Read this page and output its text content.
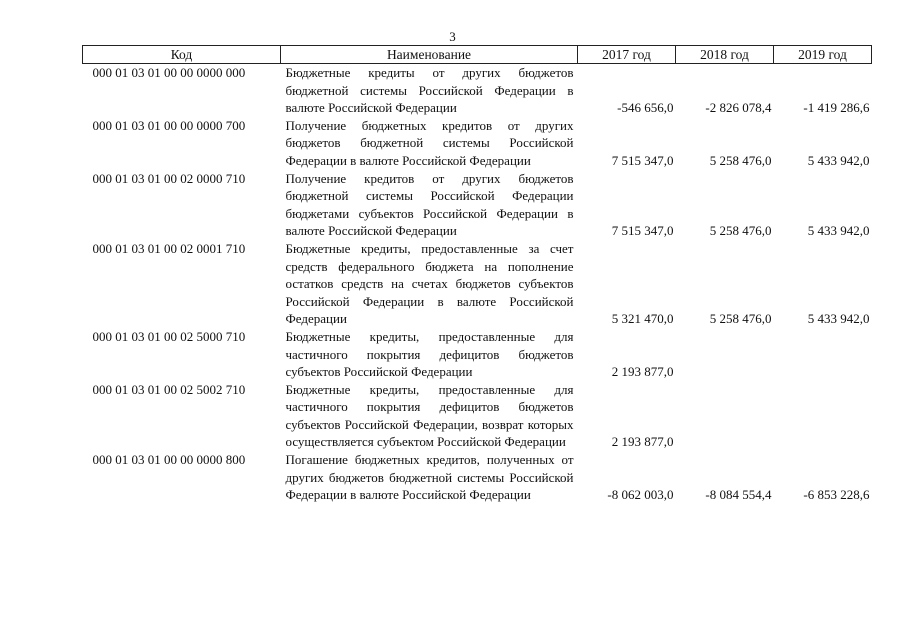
3
Код	Наименование	2017 год	2018 год	2019 год
000 01 03 01 00 00 0000 000	Бюджетные кредиты от других бюджетов бюджетной системы Российской Федерации в валюте Российской Федерации	-546 656,0	-2 826 078,4	-1 419 286,6
000 01 03 01 00 00 0000 700	Получение бюджетных кредитов от других бюджетов бюджетной системы Российской Федерации в валюте Российской Федерации	7 515 347,0	5 258 476,0	5 433 942,0
000 01 03 01 00 02 0000 710	Получение кредитов от других бюджетов бюджетной системы Российской Федерации бюджетами субъектов Российской Федерации в валюте Российской Федерации	7 515 347,0	5 258 476,0	5 433 942,0
000 01 03 01 00 02 0001 710	Бюджетные кредиты, предоставленные за счет средств федерального бюджета на пополнение остатков средств на счетах бюджетов субъектов Российской Федерации в валюте Российской Федерации	5 321 470,0	5 258 476,0	5 433 942,0
000 01 03 01 00 02 5000 710	Бюджетные кредиты, предоставленные для частичного покрытия дефицитов бюджетов субъектов Российской Федерации	2 193 877,0		
000 01 03 01 00 02 5002 710	Бюджетные кредиты, предоставленные для частичного покрытия дефицитов бюджетов субъектов Российской Федерации, возврат которых осуществляется субъектом Российской Федерации	2 193 877,0		
000 01 03 01 00 00 0000 800	Погашение бюджетных кредитов, полученных от других бюджетов бюджетной системы Российской Федерации в валюте Российской Федерации	-8 062 003,0	-8 084 554,4	-6 853 228,6
